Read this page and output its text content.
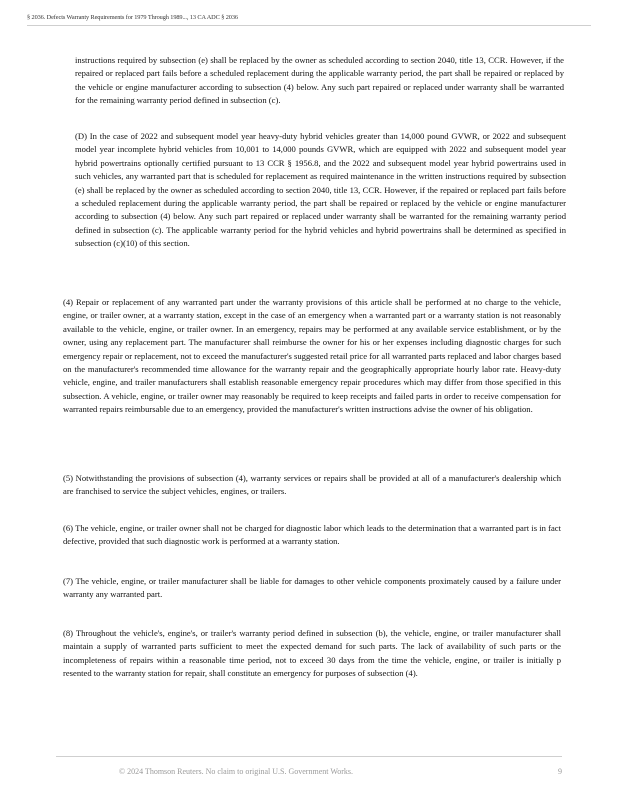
§ 2036. Defects Warranty Requirements for 1979 Through 1989..., 13 CA ADC § 2036

instructions required by subsection (e) shall be replaced by the owner as scheduled according to section 2040, title 13, CCR. However, if the repaired or replaced part fails before a scheduled replacement during the applicable warranty period, the part shall be repaired or replaced by the vehicle or engine manufacturer according to subsection (4) below. Any such part repaired or replaced under warranty shall be warranted for the remaining warranty period defined in subsection (c).

(D) In the case of 2022 and subsequent model year heavy-duty hybrid vehicles greater than 14,000 pound GVWR, or 2022 and subsequent model year incomplete hybrid vehicles from 10,001 to 14,000 pounds GVWR, which are equipped with 2022 and subsequent model year hybrid powertrains optionally certified pursuant to 13 CCR § 1956.8, and the 2022 and subsequent model year hybrid powertrains used in such vehicles, any warranted part that is scheduled for replacement as required maintenance in the written instructions required by subsection (e) shall be replaced by the owner as scheduled according to section 2040, title 13, CCR. However, if the repaired or replaced part fails before a scheduled replacement during the applicable warranty period, the part shall be repaired or replaced by the vehicle or engine manufacturer according to subsection (4) below. Any such part repaired or replaced under warranty shall be warranted for the remaining warranty period defined in subsection (c). The applicable warranty period for the hybrid vehicles and hybrid powertrains shall be determined as specified in subsection (c)(10) of this section.

(4) Repair or replacement of any warranted part under the warranty provisions of this article shall be performed at no charge to the vehicle, engine, or trailer owner, at a warranty station, except in the case of an emergency when a warranted part or a warranty station is not reasonably available to the vehicle, engine, or trailer owner. In an emergency, repairs may be performed at any available service establishment, or by the owner, using any replacement part. The manufacturer shall reimburse the owner for his or her expenses including diagnostic charges for such emergency repair or replacement, not to exceed the manufacturer's suggested retail price for all warranted parts replaced and labor charges based on the manufacturer's recommended time allowance for the warranty repair and the geographically appropriate hourly labor rate. Heavy-duty vehicle, engine, and trailer manufacturers shall establish reasonable emergency repair procedures which may differ from those specified in this subsection. A vehicle, engine, or trailer owner may reasonably be required to keep receipts and failed parts in order to receive compensation for warranted repairs reimbursable due to an emergency, provided the manufacturer's written instructions advise the owner of his obligation.

(5) Notwithstanding the provisions of subsection (4), warranty services or repairs shall be provided at all of a manufacturer's dealership which are franchised to service the subject vehicles, engines, or trailers.

(6) The vehicle, engine, or trailer owner shall not be charged for diagnostic labor which leads to the determination that a warranted part is in fact defective, provided that such diagnostic work is performed at a warranty station.

(7) The vehicle, engine, or trailer manufacturer shall be liable for damages to other vehicle components proximately caused by a failure under warranty any warranted part.

(8) Throughout the vehicle's, engine's, or trailer's warranty period defined in subsection (b), the vehicle, engine, or trailer manufacturer shall maintain a supply of warranted parts sufficient to meet the expected demand for such parts. The lack of availability of such parts or the incompleteness of repairs within a reasonable time period, not to exceed 30 days from the time the vehicle, engine, or trailer is initially p resented to the warranty station for repair, shall constitute an emergency for purposes of subsection (4).

© 2024 Thomson Reuters. No claim to original U.S. Government Works.	9
